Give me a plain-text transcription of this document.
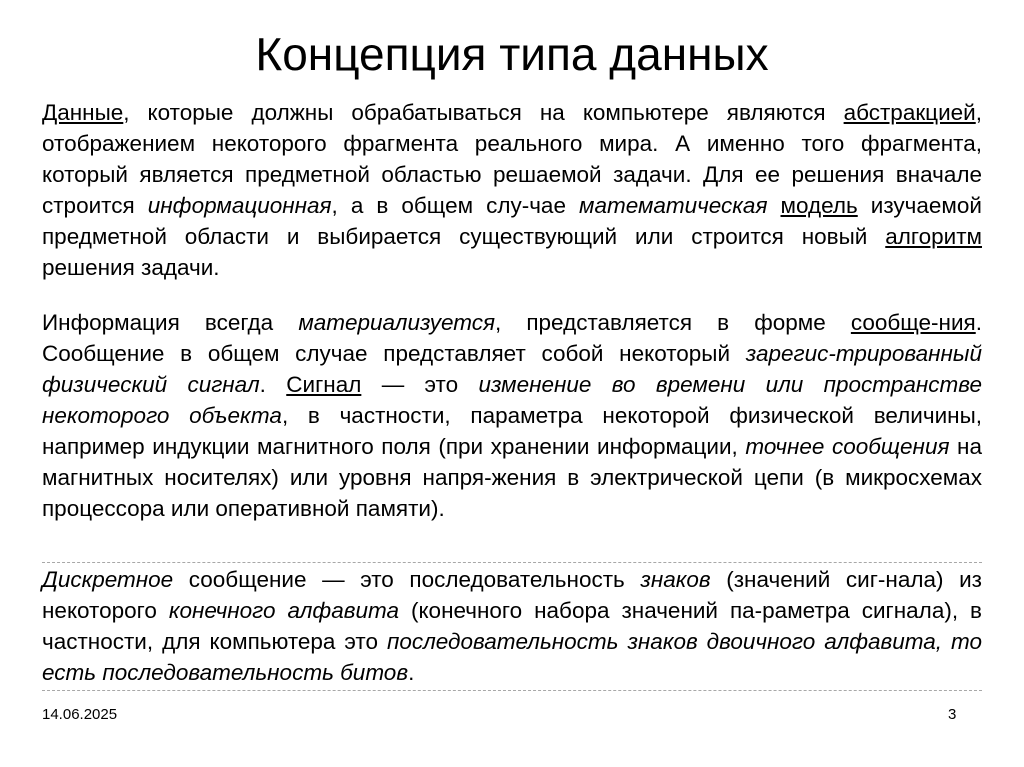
Концепция типа данных
Данные, которые должны обрабатываться на компьютере являются абстракцией, отображением некоторого фрагмента реального мира. А именно того фрагмента, который является предметной областью решаемой задачи. Для ее решения вначале строится информационная, а в общем слу-чае математическая модель изучаемой предметной области и выбирается существующий или строится новый алгоритм решения задачи.
Информация всегда материализуется, представляется в форме сообще-ния. Сообщение в общем случае представляет собой некоторый зарегис-трированный физический сигнал. Сигнал — это изменение во времени или пространстве некоторого объекта, в частности, параметра некоторой физической величины, например индукции магнитного поля (при хранении информации, точнее сообщения на магнитных носителях) или уровня напря-жения в электрической цепи (в микросхемах процессора или оперативной памяти).
Дискретное сообщение — это последовательность знаков (значений сиг-нала) из некоторого конечного алфавита (конечного набора значений па-раметра сигнала), в частности, для компьютера это последовательность знаков двоичного алфавита, то есть последовательность битов.
14.06.2025	3
